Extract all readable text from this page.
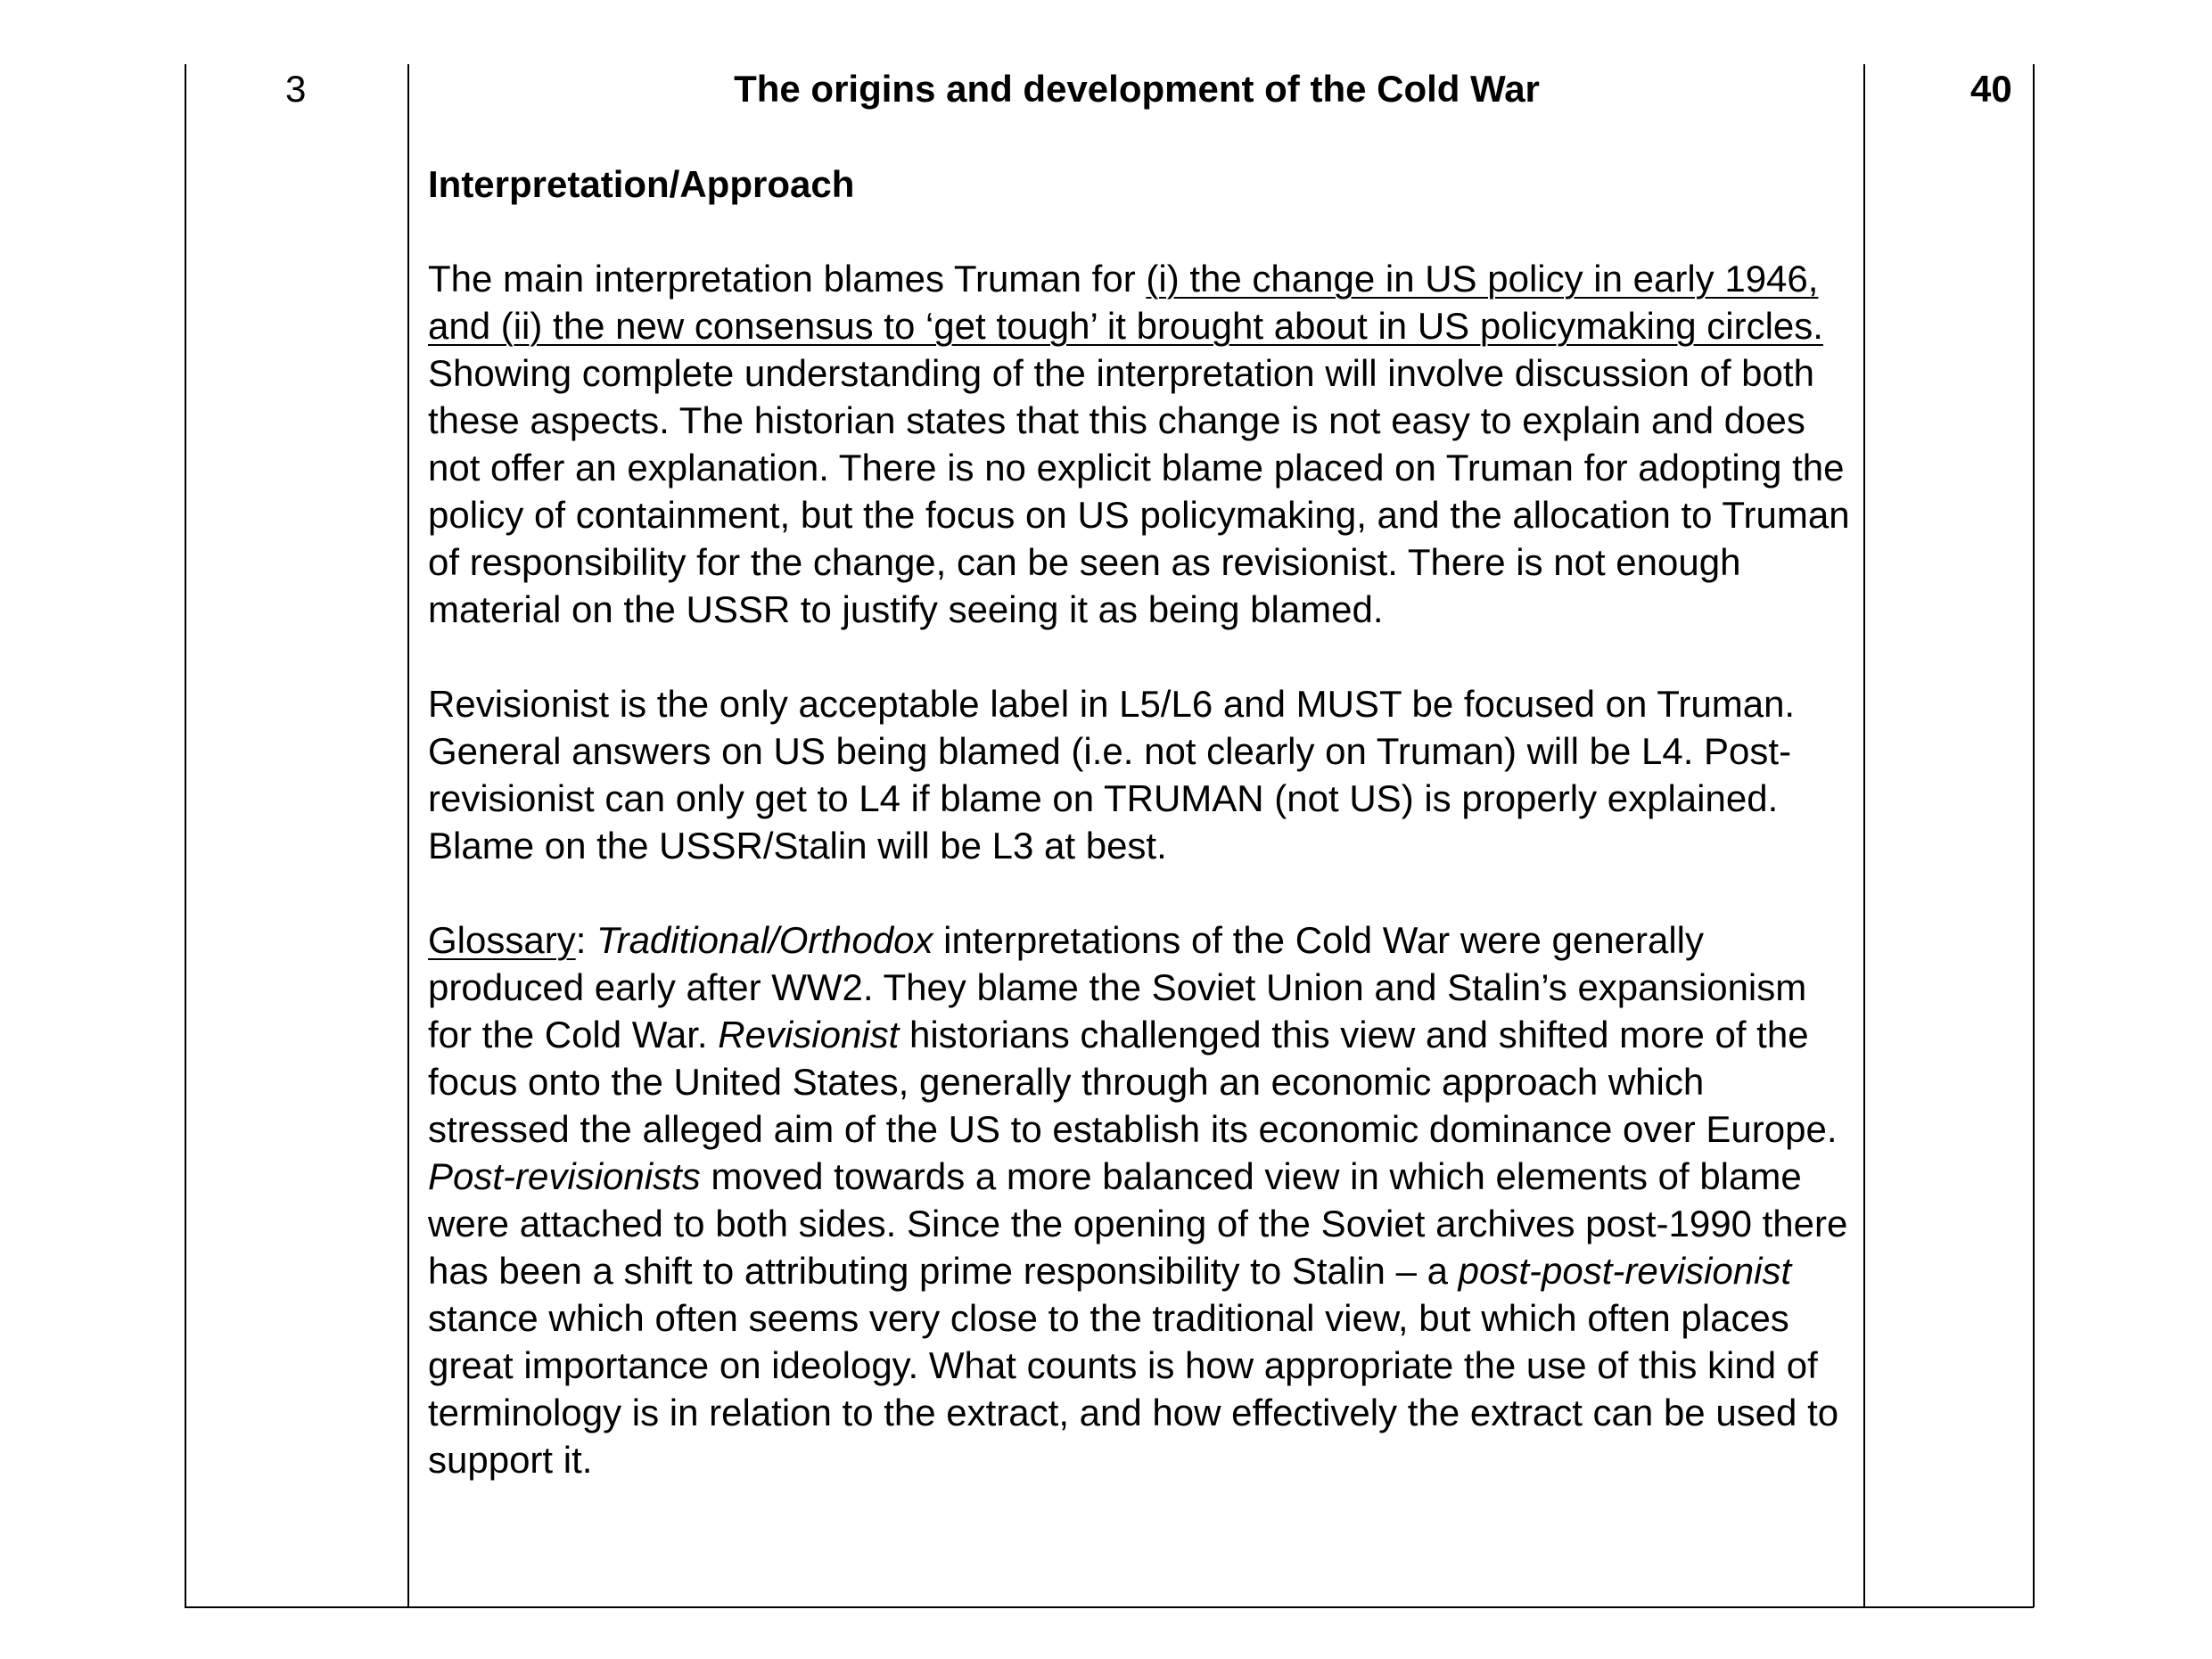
3	The origins and development of the Cold War	40

Interpretation/Approach

The main interpretation blames Truman for (i) the change in US policy in early 1946, and (ii) the new consensus to ‘get tough’ it brought about in US policymaking circles. Showing complete understanding of the interpretation will involve discussion of both these aspects. The historian states that this change is not easy to explain and does not offer an explanation. There is no explicit blame placed on Truman for adopting the policy of containment, but the focus on US policymaking, and the allocation to Truman of responsibility for the change, can be seen as revisionist. There is not enough material on the USSR to justify seeing it as being blamed.

Revisionist is the only acceptable label in L5/L6 and MUST be focused on Truman. General answers on US being blamed (i.e. not clearly on Truman) will be L4. Post-revisionist can only get to L4 if blame on TRUMAN (not US) is properly explained. Blame on the USSR/Stalin will be L3 at best.

Glossary: Traditional/Orthodox interpretations of the Cold War were generally produced early after WW2. They blame the Soviet Union and Stalin’s expansionism for the Cold War. Revisionist historians challenged this view and shifted more of the focus onto the United States, generally through an economic approach which stressed the alleged aim of the US to establish its economic dominance over Europe. Post-revisionists moved towards a more balanced view in which elements of blame were attached to both sides. Since the opening of the Soviet archives post-1990 there has been a shift to attributing prime responsibility to Stalin – a post-post-revisionist stance which often seems very close to the traditional view, but which often places great importance on ideology. What counts is how appropriate the use of this kind of terminology is in relation to the extract, and how effectively the extract can be used to support it.
